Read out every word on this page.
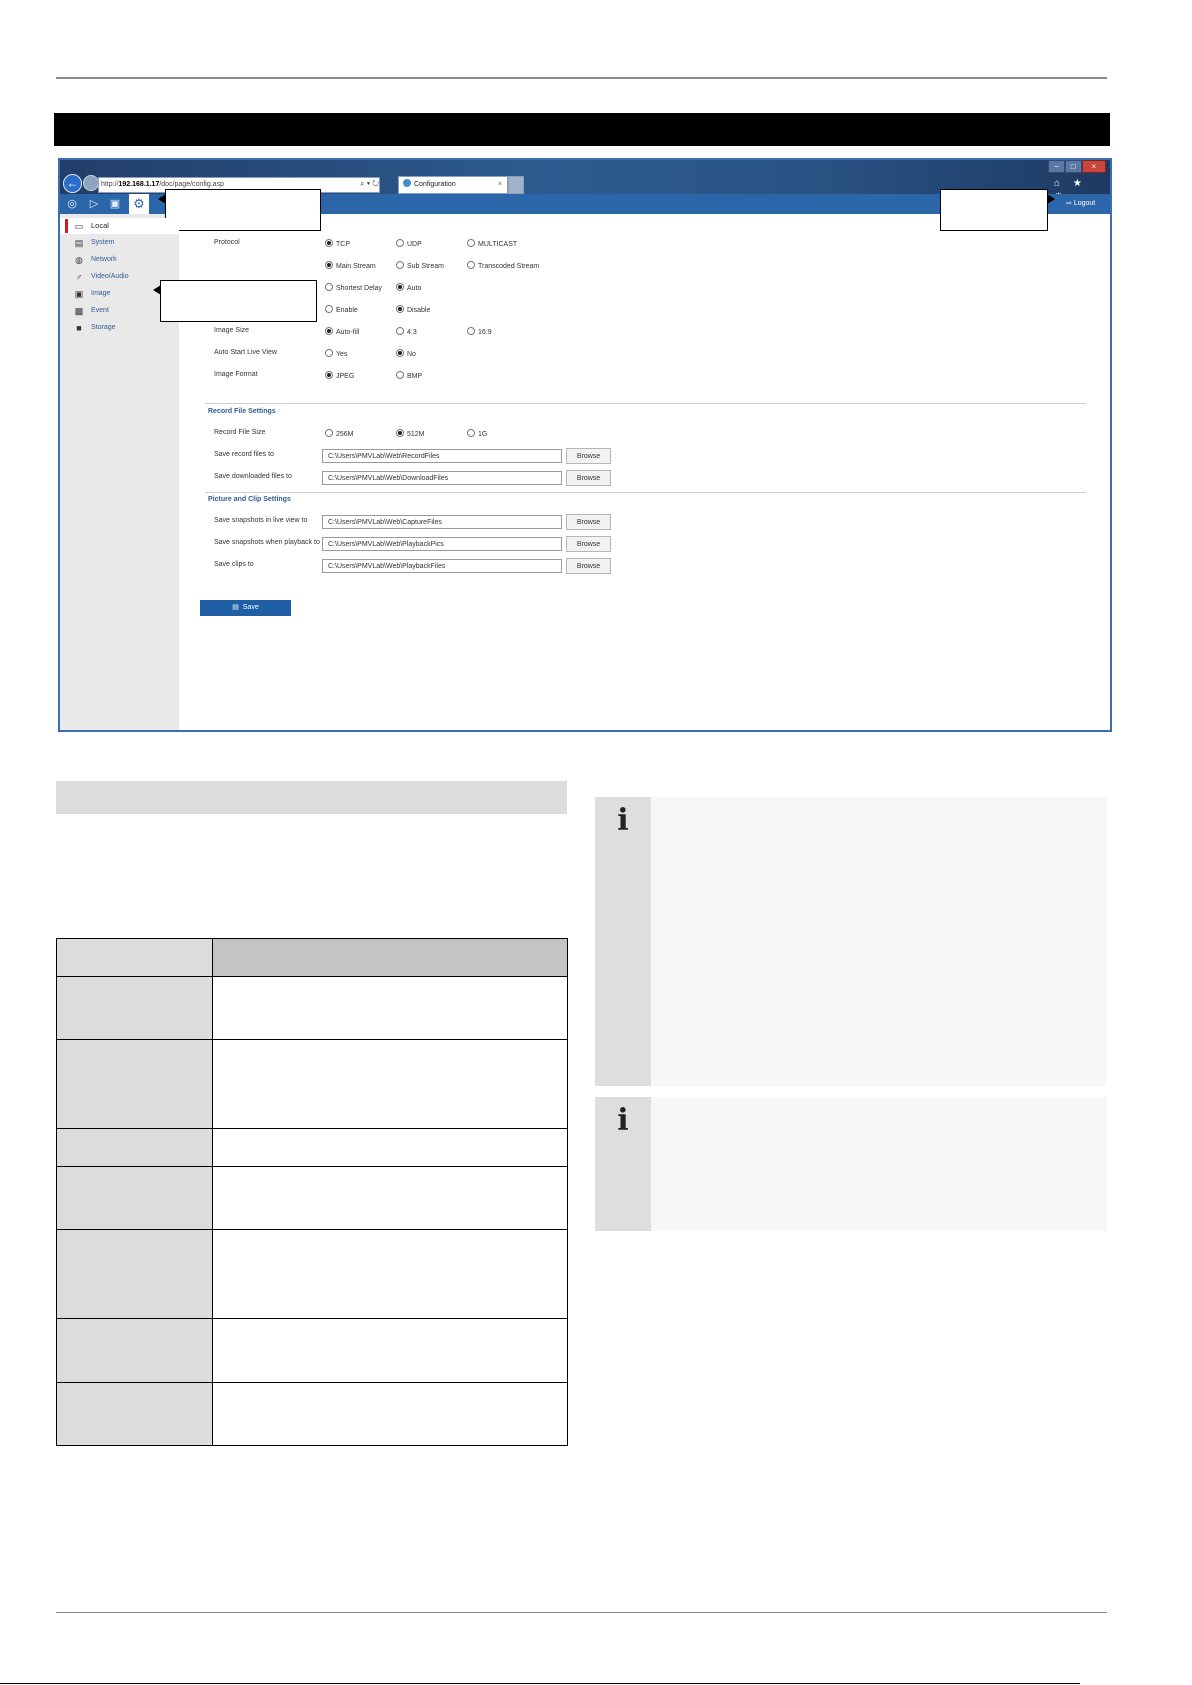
←	http://192.168.1.17/doc/page/config.asp	⌕ ▾ ↻	Configuration	×
−	□	×
⌂ ★
◎	▷	▣ ⚙	⇨ Logout
Protocol	TCP	UDP	MULTICAST
Main Stream	Sub Stream	Transcoded Stream
Shortest Delay	Auto
Enable	Disable
Image Size	Auto-fill	4:3	16:9
Auto Start Live View	Yes	No
Image Format	JPEG	BMP
Record File Settings
Record File Size	256M	512M	1G
Save record files to	C:\Users\PMVLab\Web\RecordFiles	Browse
Save downloaded files to	C:\Users\PMVLab\Web\DownloadFiles	Browse
Picture and Clip Settings
Save snapshots in live view to	C:\Users\PMVLab\Web\CaptureFiles	Browse
Save snapshots when playback to	C:\Users\PMVLab\Web\PlaybackPics	Browse
Save clips to	C:\Users\PMVLab\Web\PlaybackFiles	Browse
▤ Save
▭ Local
▤ System
◍ Network
♂ Video/Audio
▣ Image
▩ Event
■	Storage

i
i
